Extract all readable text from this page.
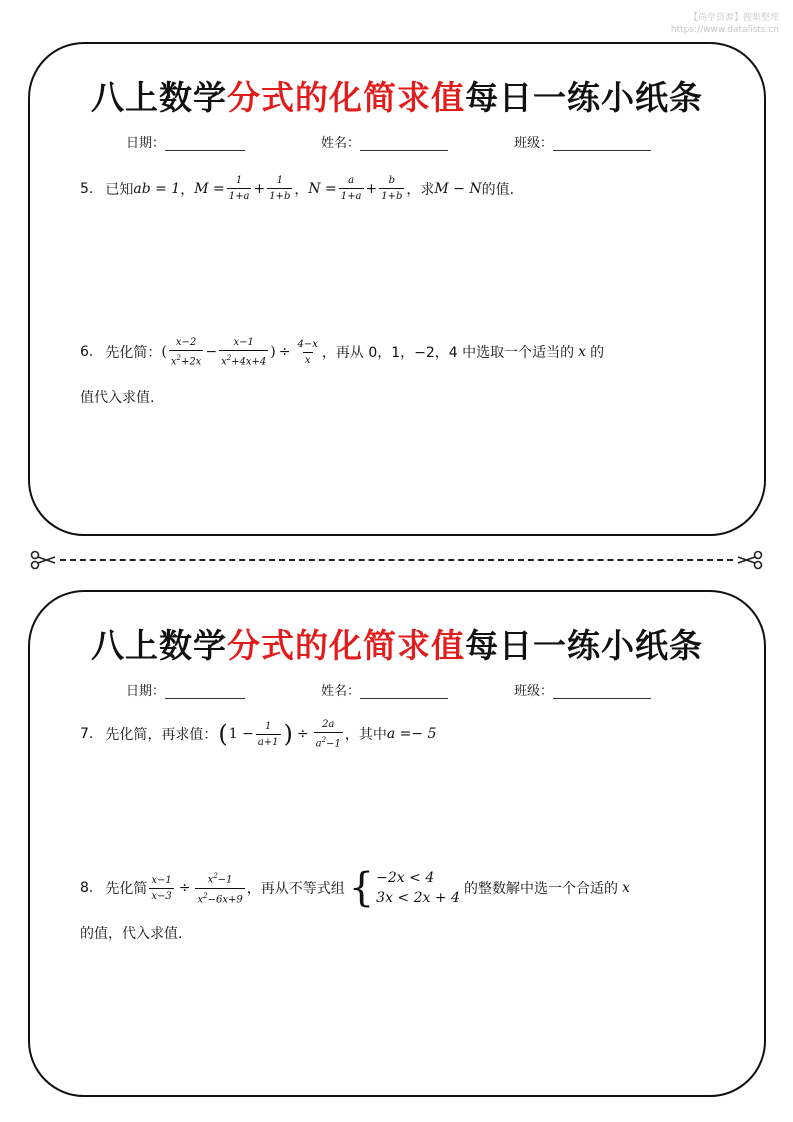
【尚学资源】搜集整理
https://www.datalists.cn
八上数学分式的化简求值每日一练小纸条
日期：	姓名：	班级：
5. 已知 ab = 1 ， $M = \frac{1}{1+a} + \frac{1}{1+b}$ ， $N = \frac{a}{1+a} + \frac{b}{1+b}$ ，求 M − N 的值.
6. 先化简： ( $\frac{x-2}{x^2+2x} - \frac{x-1}{x^2+4x+4}$ ) ÷ $\frac{4-x}{x}$ ，再从 0，1，−2，4 中选取一个适当的 x 的
值代入求值.
八上数学分式的化简求值每日一练小纸条
日期：	姓名：	班级：
7. 先化简，再求值： ( $1 - \frac{1}{a+1}$ ) ÷ $\frac{2a}{a^2-1}$ ，其中 a =− 5
8. 先化简 $\frac{x-1}{x-3} \div \frac{x^2-1}{x^2-6x+9}$ ，再从不等式组 { −2x < 4
3x < 2x + 4
的整数解中选一个合适的 x
的值，代入求值.
